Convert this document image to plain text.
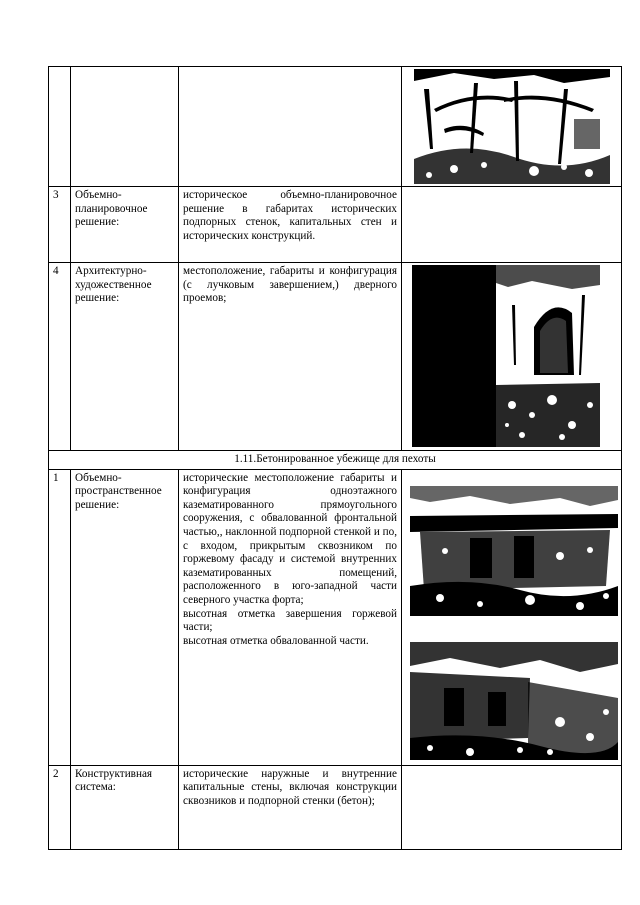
3	Объемно-планировочное решение:	историческое объемно-планировочное решение в габаритах исторических подпорных стенок, капитальных стен и исторических конструкций.	

4	Архитектурно-художественное решение:	местоположение, габариты и конфигурация (с лучковым завершением,) дверного проемов;

1.11.Бетонированное убежище для пехоты			
1	Объемно-пространственное решение:	исторические местоположение габариты и конфигурация одноэтажного казематированного прямоугольного сооружения, с обвалованной фронтальной частью,, наклонной подпорной стенкой и по, с входом, прикрытым сквозником по горжевому фасаду и системой внутренних казематированных помещений, расположенного в юго-западной части северного участка форта;

высотная отметка завершения горжевой части;

высотная отметка обвалованной части.

2	Конструктивная система:	исторические наружные и внутренние капитальные стены, включая конструкции сквозников и подпорной стенки (бетон);	
